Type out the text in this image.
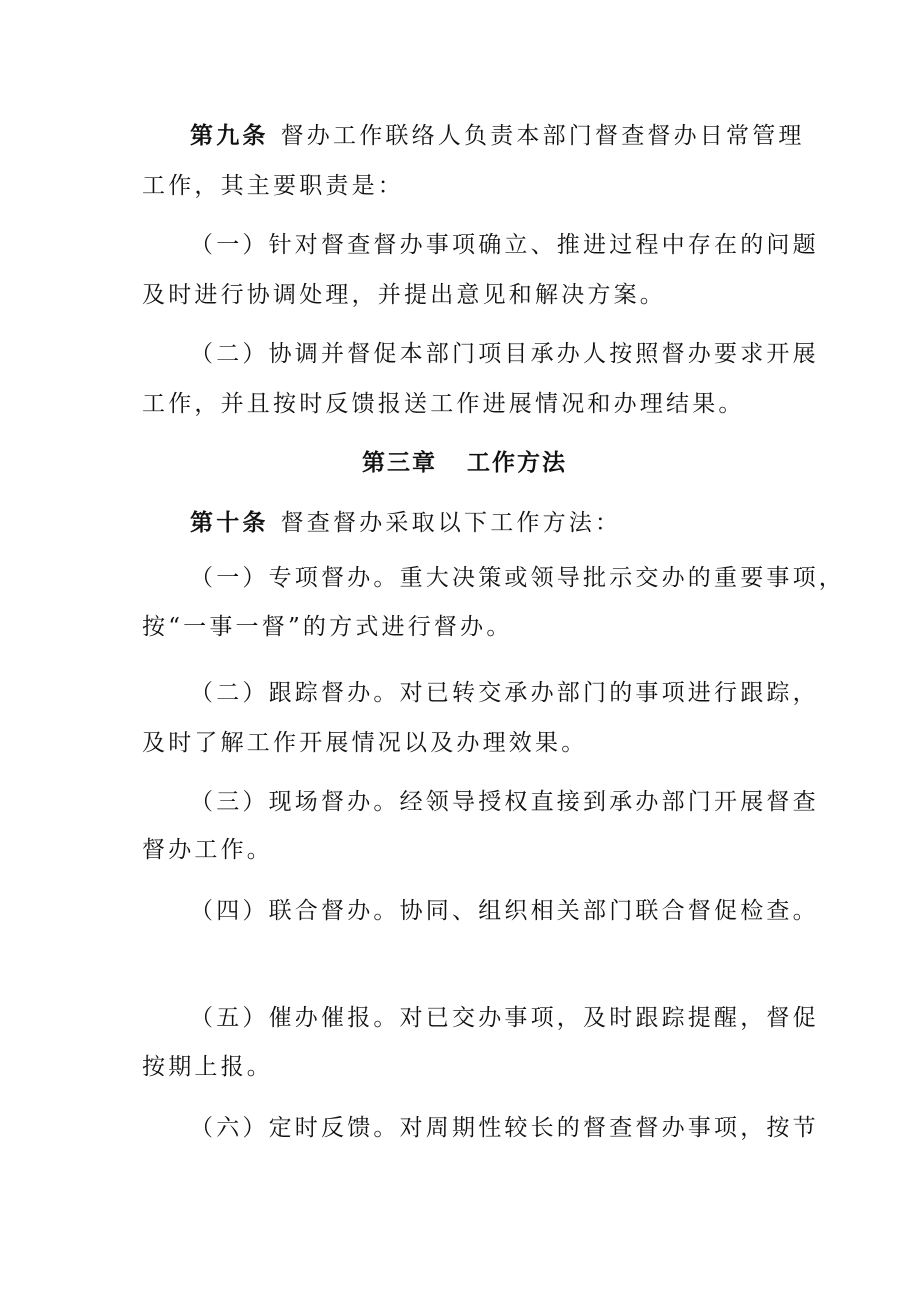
第九条 督办工作联络人负责本部门督查督办日常管理
工作，其主要职责是：
（一）针对督查督办事项确立、推进过程中存在的问题
及时进行协调处理，并提出意见和解决方案。
（二）协调并督促本部门项目承办人按照督办要求开展
工作，并且按时反馈报送工作进展情况和办理结果。
第三章 工作方法
第十条 督查督办采取以下工作方法：
（一）专项督办。重大决策或领导批示交办的重要事项，
按“一事一督”的方式进行督办。
（二）跟踪督办。对已转交承办部门的事项进行跟踪，
及时了解工作开展情况以及办理效果。
（三）现场督办。经领导授权直接到承办部门开展督查
督办工作。
（四）联合督办。协同、组织相关部门联合督促检查。
（五）催办催报。对已交办事项，及时跟踪提醒，督促
按期上报。
（六）定时反馈。对周期性较长的督查督办事项，按节
